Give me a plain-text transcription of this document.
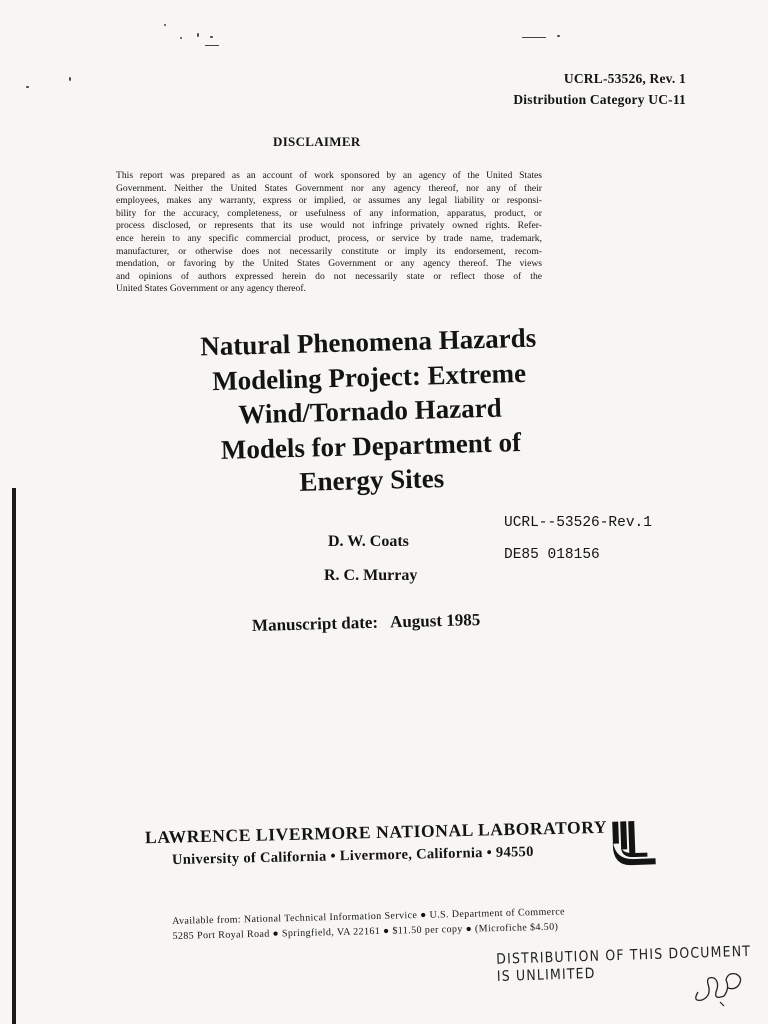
UCRL-53526, Rev. 1
Distribution Category UC-11
DISCLAIMER
This report was prepared as an account of work sponsored by an agency of the United States
Government. Neither the United States Government nor any agency thereof, nor any of their
employees, makes any warranty, express or implied, or assumes any legal liability or responsi-
bility for the accuracy, completeness, or usefulness of any information, apparatus, product, or
process disclosed, or represents that its use would not infringe privately owned rights. Refer-
ence herein to any specific commercial product, process, or service by trade name, trademark,
manufacturer, or otherwise does not necessarily constitute or imply its endorsement, recom-
mendation, or favoring by the United States Government or any agency thereof. The views
and opinions of authors expressed herein do not necessarily state or reflect those of the
United States Government or any agency thereof.
Natural Phenomena Hazards
Modeling Project: Extreme
Wind/Tornado Hazard
Models for Department of
Energy Sites
UCRL--53526-Rev.1
DE85 018156
D. W. Coats
R. C. Murray
Manuscript date: August 1985
LAWRENCE LIVERMORE NATIONAL LABORATORY
University of California • Livermore, California • 94550
Available from: National Technical Information Service ● U.S. Department of Commerce
5285 Port Royal Road ● Springfield, VA 22161 ● $11.50 per copy ● (Microfiche $4.50)
DISTRIBUTION OF THIS DOCUMENT IS UNLIMITED
